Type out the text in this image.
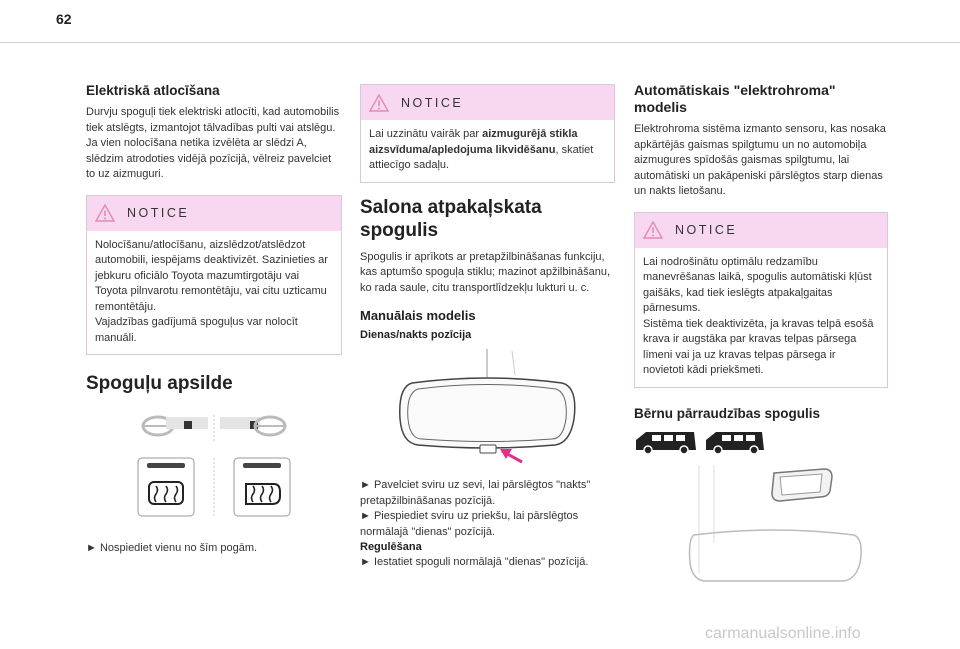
62
Elektriskā atlocīšana

Durvju spoguļi tiek elektriski atlocīti, kad automobilis tiek atslēgts, izmantojot tālvadības pulti vai atslēgu. Ja vien nolocīšana netika izvēlēta ar slēdzi A, slēdzim atrodoties vidējā pozīcijā, vēlreiz pavelciet to uz aizmuguri.

NOTICE

Nolocīšanu/atlocīšanu, aizslēdzot/atslēdzot automobili, iespējams deaktivizēt. Sazinieties ar jebkuru oficiālo Toyota mazumtirgotāju vai Toyota pilnvarotu remontētāju, vai citu uzticamu remontētāju.
Vajadzības gadījumā spoguļus var nolocīt manuāli.

Spoguļu apsilde

► Nospiediet vienu no šīm pogām.

NOTICE

Lai uzzinātu vairāk par aizmugurējā stikla aizsvīduma/apledojuma likvidēšanu, skatiet attiecīgo sadaļu.

Salona atpakaļskata spogulis

Spogulis ir aprīkots ar pretapžilbināšanas funkciju, kas aptumšo spoguļa stiklu; mazinot apžilbināšanu, ko rada saule, citu transportlīdzekļu lukturi u. c.

Manuālais modelis
Dienas/nakts pozīcija
► Pavelciet sviru uz sevi, lai pārslēgtos "nakts" pretapžilbināšanas pozīcijā.
► Piespiediet sviru uz priekšu, lai pārslēgtos normālajā "dienas" pozīcijā.
Regulēšana
► Iestatiet spoguli normālajā "dienas" pozīcijā.
Automātiskais "elektrohroma" modelis

Elektrohroma sistēma izmanto sensoru, kas nosaka apkārtējās gaismas spilgtumu un no automobiļa aizmugures spīdošās gaismas spilgtumu, lai automātiski un pakāpeniski pārslēgtos starp dienas un nakts lietošanu.

NOTICE

Lai nodrošinātu optimālu redzamību manevrēšanas laikā, spogulis automātiski kļūst gaišāks, kad tiek ieslēgts atpakaļgaitas pārnesums.
Sistēma tiek deaktivizēta, ja kravas telpā esošā krava ir augstāka par kravas telpas pārsega līmeni vai ja uz kravas telpas pārsega ir novietoti kādi priekšmeti.

Bērnu pārraudzības spogulis

carmanualsonline.info
